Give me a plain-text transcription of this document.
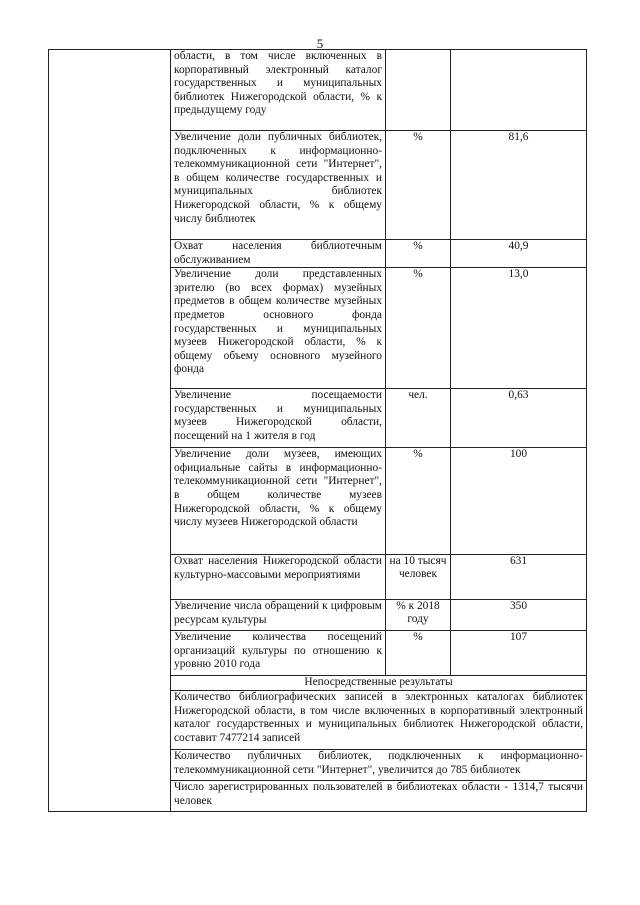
5
	области, в том числе включенных в корпоративный электронный каталог государственных и муниципальных библиотек Нижегородской области, % к предыдущему году		
	Увеличение доли публичных библиотек, подключенных к информационно-телекоммуникационной сети "Интернет", в общем количестве государственных и муниципальных библиотек Нижегородской области, % к общему числу библиотек	%	81,6
	Охват населения библиотечным обслуживанием	%	40,9
	Увеличение доли представленных зрителю (во всех формах) музейных предметов в общем количестве музейных предметов основного фонда государственных и муниципальных музеев Нижегородской области, % к общему объему основного музейного фонда	%	13,0
	Увеличение посещаемости государственных и муниципальных музеев Нижегородской области, посещений на 1 жителя в год	чел.	0,63
	Увеличение доли музеев, имеющих официальные сайты в информационно-телекоммуникационной сети "Интернет", в общем количестве музеев Нижегородской области, % к общему числу музеев Нижегородской области	%	100
	Охват населения Нижегородской области культурно-массовыми мероприятиями	на 10 тысяч человек	631
	Увеличение числа обращений к цифровым ресурсам культуры	% к 2018 году	350
	Увеличение количества посещений организаций культуры по отношению к уровню 2010 года	%	107
	Непосредственные результаты		
	Количество библиографических записей в электронных каталогах библиотек Нижегородской области, в том числе включенных в корпоративный электронный каталог государственных и муниципальных библиотек Нижегородской области, составит 7477214 записей		
	Количество публичных библиотек, подключенных к информационно-телекоммуникационной сети "Интернет", увеличится до 785 библиотек		
	Число зарегистрированных пользователей в библиотеках области - 1314,7 тысячи человек		
